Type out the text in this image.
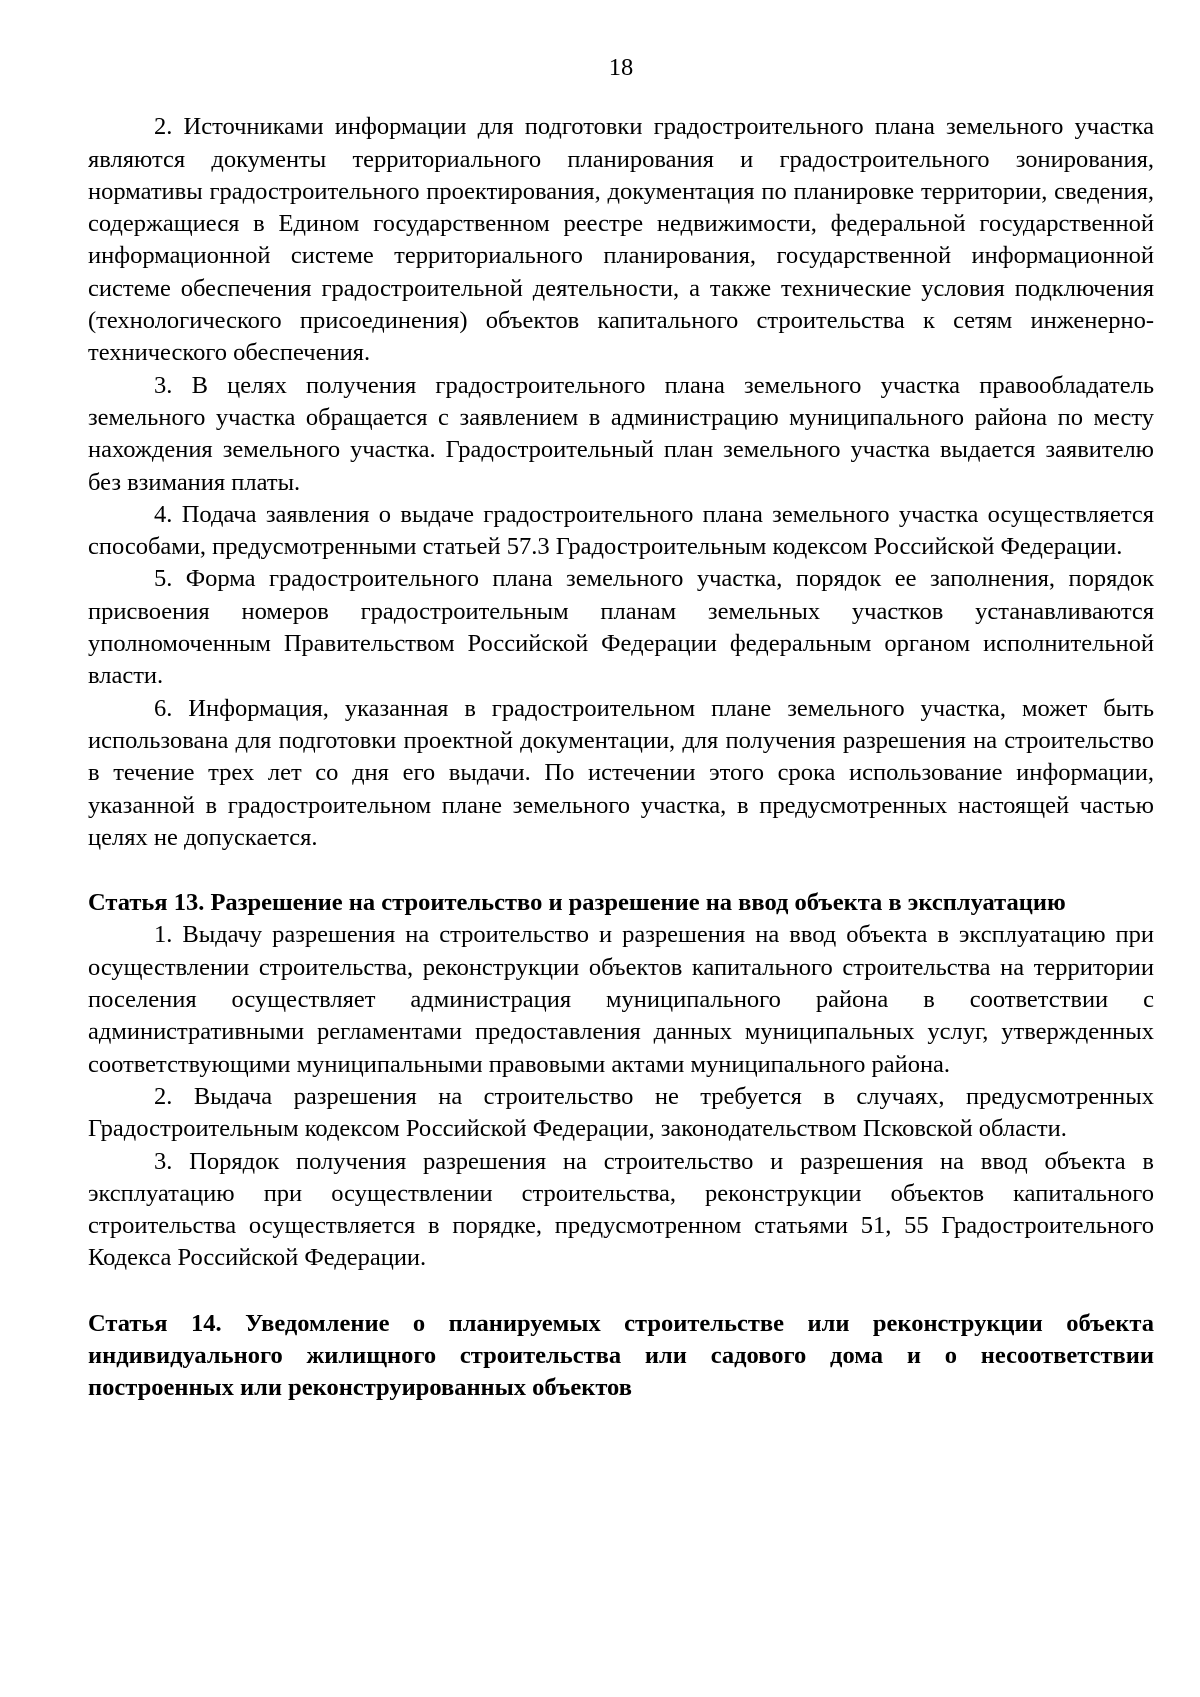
18

2. Источниками информации для подготовки градостроительного плана земельного участка являются документы территориального планирования и градостроительного зонирования, нормативы градостроительного проектирования, документация по планировке территории, сведения, содержащиеся в Едином государственном реестре недвижимости, федеральной государственной информационной системе территориального планирования, государственной информационной системе обеспечения градостроительной деятельности, а также технические условия подключения (технологического присоединения) объектов капитального строительства к сетям инженерно-технического обеспечения.

3. В целях получения градостроительного плана земельного участка правообладатель земельного участка обращается с заявлением в администрацию муниципального района по месту нахождения земельного участка. Градостроительный план земельного участка выдается заявителю без взимания платы.

4. Подача заявления о выдаче градостроительного плана земельного участка осуществляется способами, предусмотренными статьей 57.3 Градостроительным кодексом Российской Федерации.

5. Форма градостроительного плана земельного участка, порядок ее заполнения, порядок присвоения номеров градостроительным планам земельных участков устанавливаются уполномоченным Правительством Российской Федерации федеральным органом исполнительной власти.

6. Информация, указанная в градостроительном плане земельного участка, может быть использована для подготовки проектной документации, для получения разрешения на строительство в течение трех лет со дня его выдачи. По истечении этого срока использование информации, указанной в градостроительном плане земельного участка, в предусмотренных настоящей частью целях не допускается.

Статья 13. Разрешение на строительство и разрешение на ввод объекта в эксплуатацию

1. Выдачу разрешения на строительство и разрешения на ввод объекта в эксплуатацию при осуществлении строительства, реконструкции объектов капитального строительства на территории поселения осуществляет администрация муниципального района в соответствии с административными регламентами предоставления данных муниципальных услуг, утвержденных соответствующими муниципальными правовыми актами муниципального района.

2. Выдача разрешения на строительство не требуется в случаях, предусмотренных Градостроительным кодексом Российской Федерации, законодательством Псковской области.

3. Порядок получения разрешения на строительство и разрешения на ввод объекта в эксплуатацию при осуществлении строительства, реконструкции объектов капитального строительства осуществляется в порядке, предусмотренном статьями 51, 55 Градостроительного Кодекса Российской Федерации.

Статья 14. Уведомление о планируемых строительстве или реконструкции объекта индивидуального жилищного строительства или садового дома и о несоответствии построенных или реконструированных объектов
